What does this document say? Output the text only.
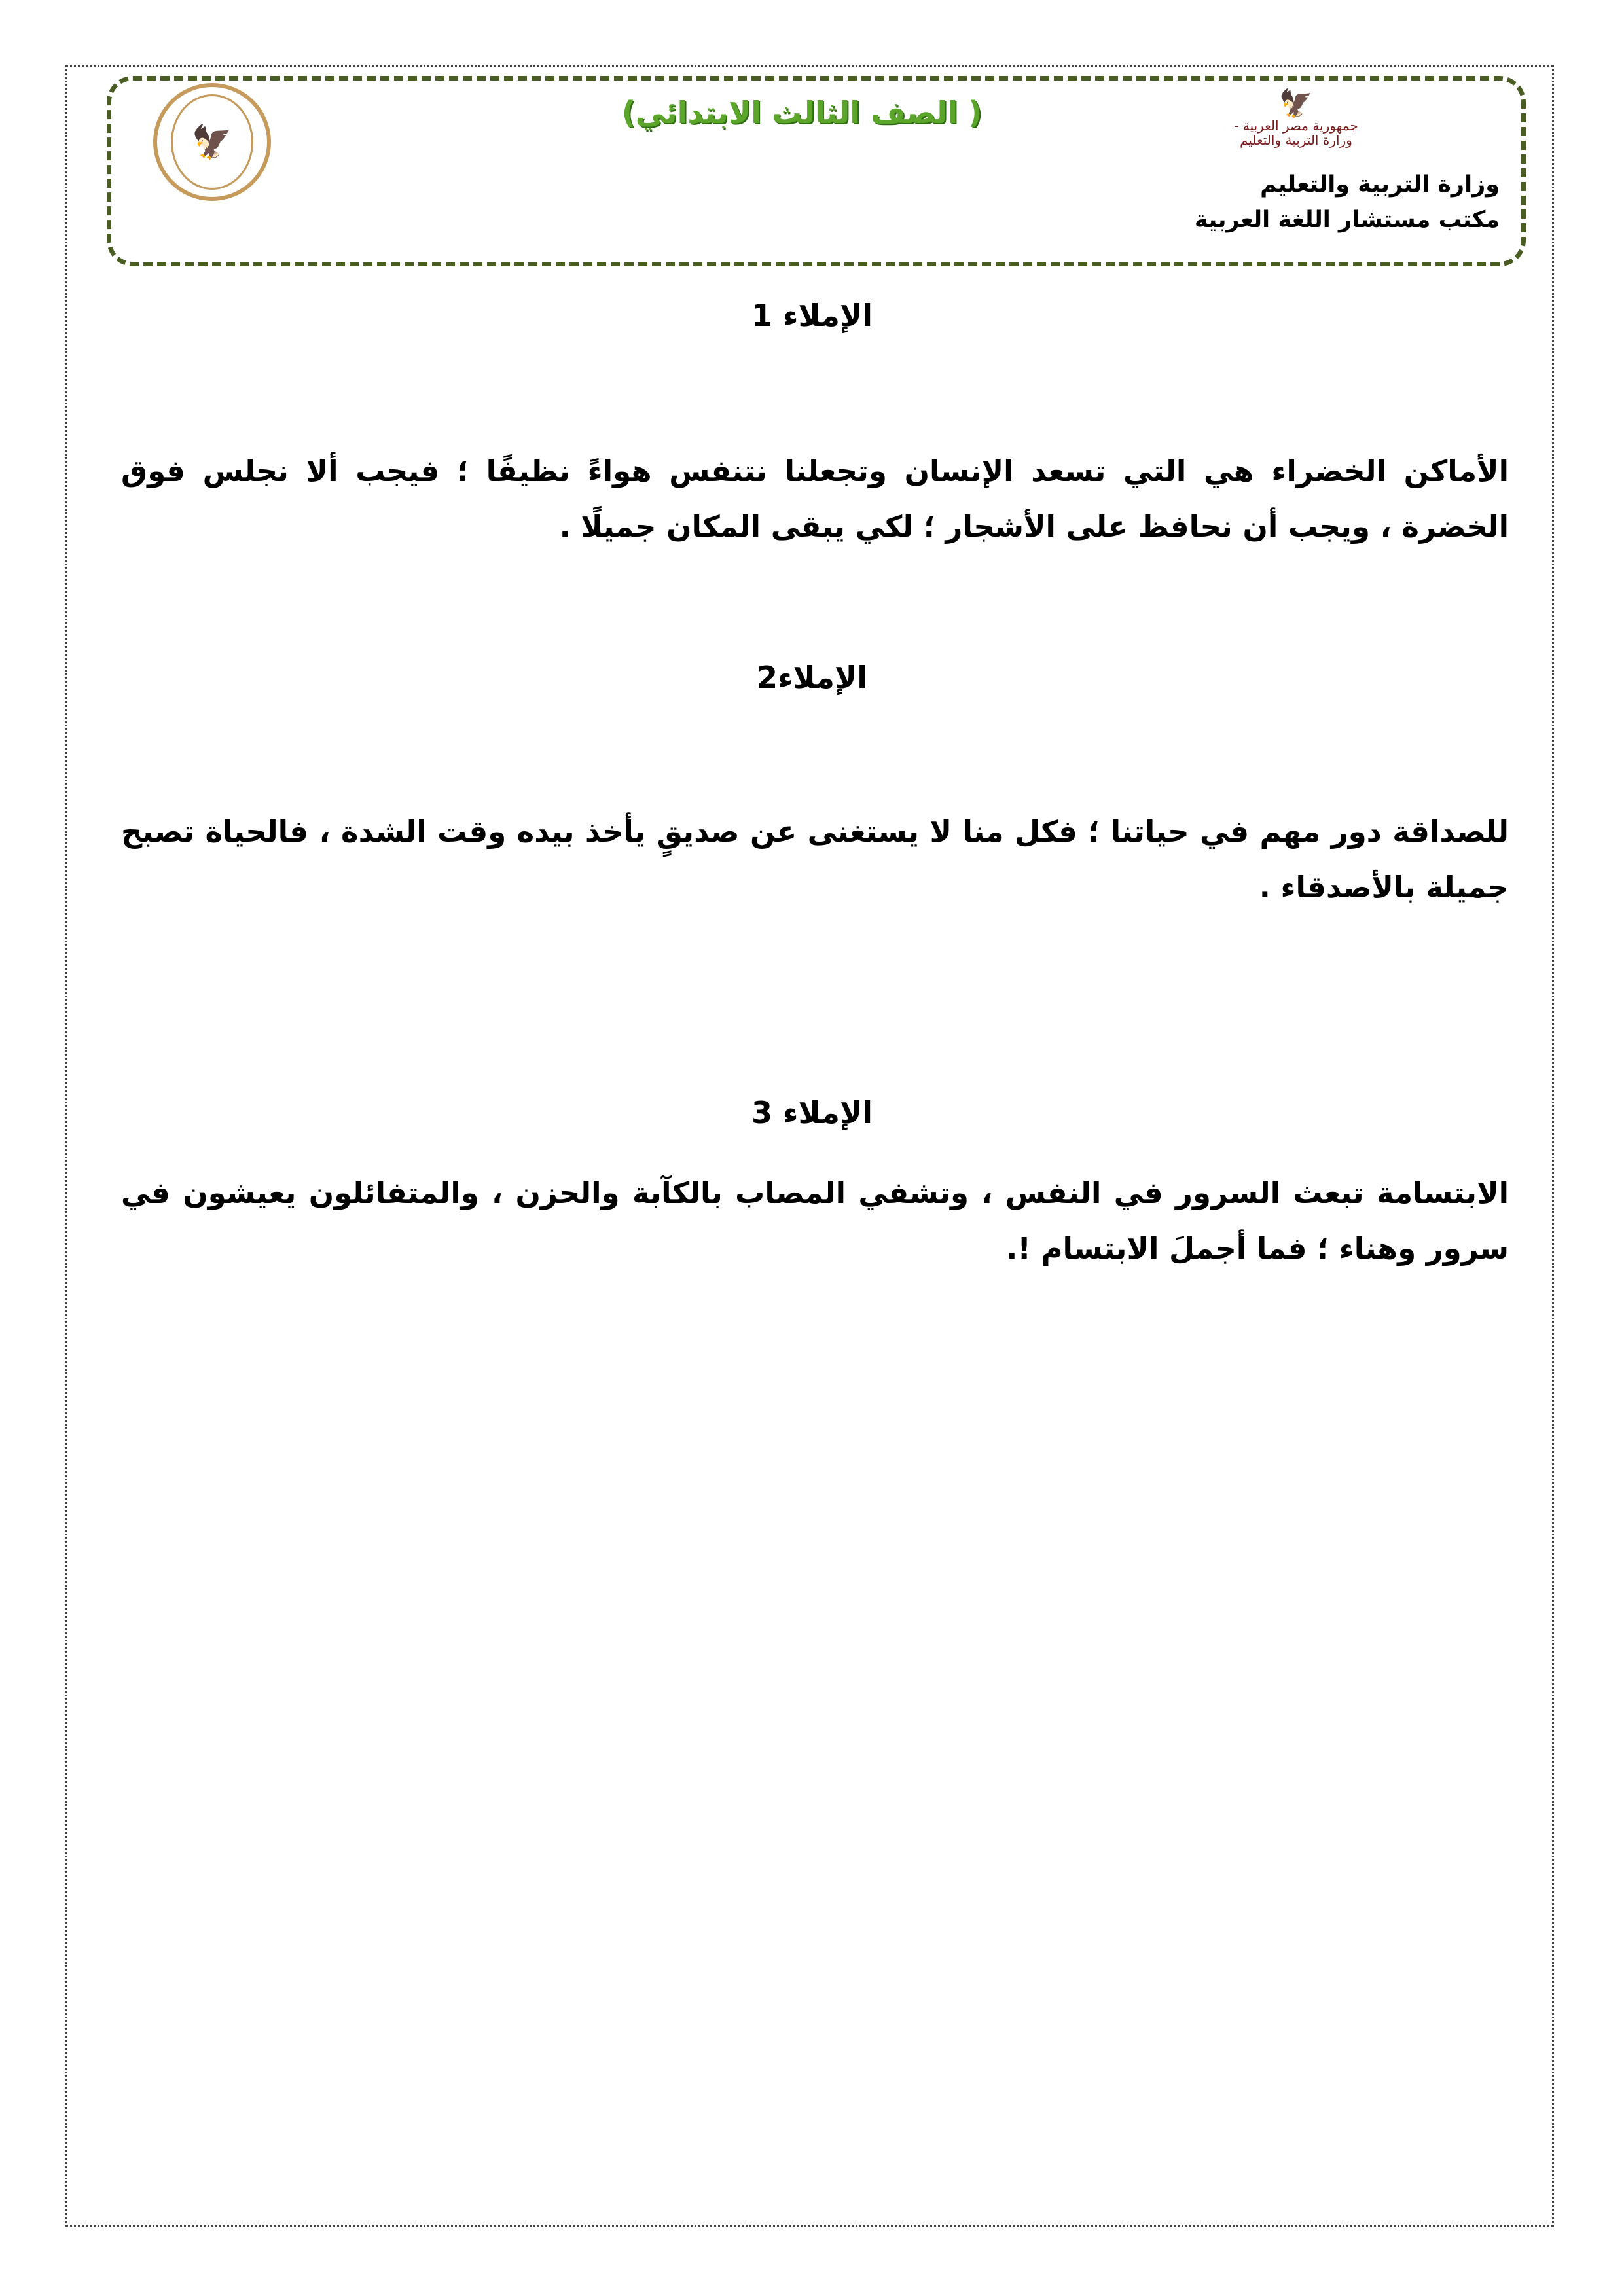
🦅
( الصف الثالث الابتدائي)	🦅
جمهورية مصر العربية - وزارة التربية والتعليم
وزارة التربية والتعليم
مكتب مستشار اللغة العربية
الإملاء 1
الأماكن الخضراء هي التي تسعد الإنسان وتجعلنا نتنفس هواءً نظيفًا ؛ فيجب ألا نجلس فوق الخضرة ، ويجب أن نحافظ على الأشجار ؛ لكي يبقى المكان جميلًا .
الإملاء2
للصداقة دور مهم في حياتنا ؛ فكل منا لا يستغنى عن صديقٍ يأخذ بيده وقت الشدة ، فالحياة تصبح جميلة بالأصدقاء .
الإملاء 3
الابتسامة تبعث السرور في النفس ، وتشفي المصاب بالكآبة والحزن ، والمتفائلون يعيشون في سرور وهناء ؛ فما أجملَ الابتسام !.
